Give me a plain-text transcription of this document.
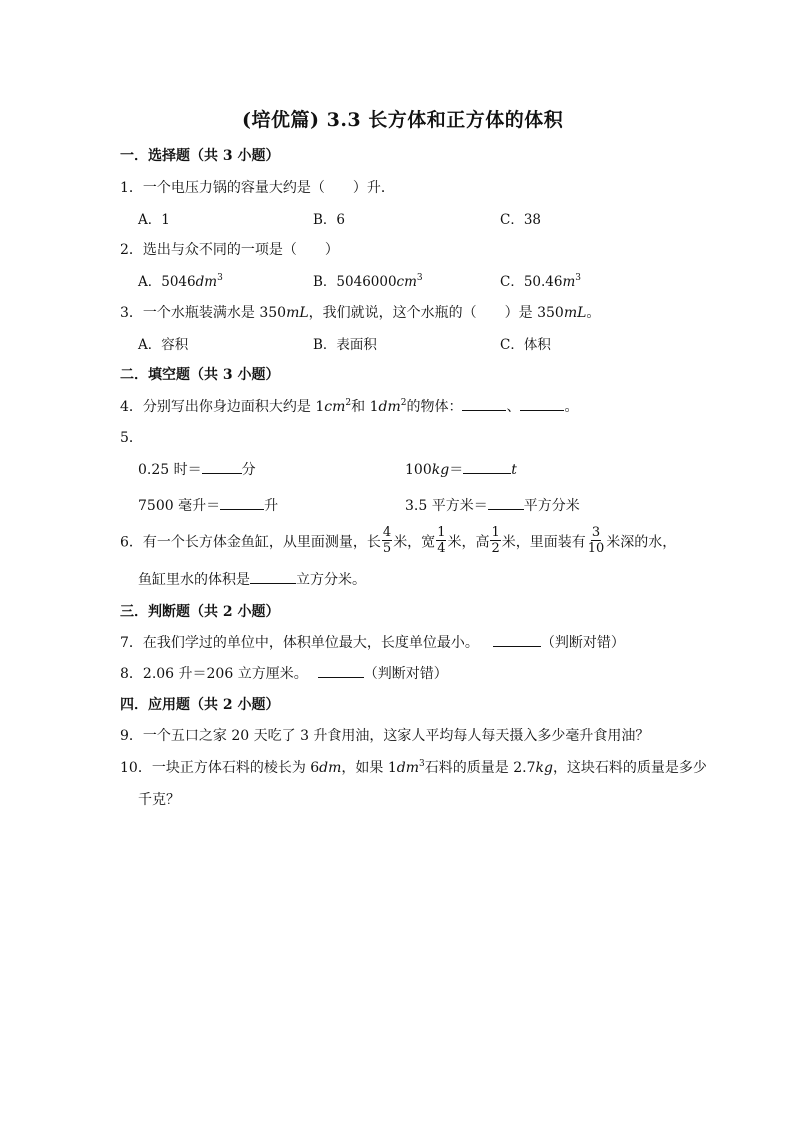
(培优篇) 3.3 长方体和正方体的体积
一．选择题（共 3 小题）
1．一个电压力锅的容量大约是（　　）升．
A．1	B．6	C．38
2．选出与众不同的一项是（　　）
A．$5046dm^3$	B．$5046000cm^3$	C．$50.46m^3$
3．一个水瓶装满水是 350mL，我们就说，这个水瓶的（　　）是 350mL。
A．容积	B．表面积	C．体积
二．填空题（共 3 小题）
4．分别写出你身边面积大约是 $1cm^2$和 $1dm^2$的物体：	、	。
5．
0.25 时＝	分	100kg＝	t
7500 毫升＝	升	3.5 平方米＝	平方分米
6．有一个长方体金鱼缸，从里面测量，长 $\frac{4}{5}$ 米，宽 $\frac{1}{4}$ 米，高 $\frac{1}{2}$ 米，里面装有 $\frac{3}{10}$ 米深的水，
鱼缸里水的体积是	立方分米。
三．判断题（共 2 小题）
7．在我们学过的单位中，体积单位最大，长度单位最小。	（判断对错）
8．2.06 升＝206 立方厘米。	（判断对错）
四．应用题（共 2 小题）
9．一个五口之家 20 天吃了 3 升食用油，这家人平均每人每天摄入多少毫升食用油？
10．一块正方体石料的棱长为 6dm，如果 $1dm^3$石料的质量是 2.7kg，这块石料的质量是多少
千克？
